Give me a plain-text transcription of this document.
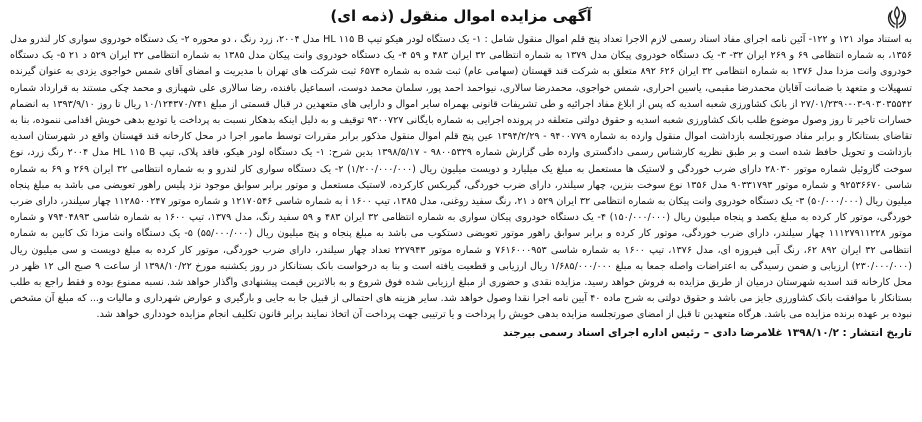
آگهی مزایده اموال منقول (ذمه ای)

به استناد مواد ۱۲۱ و ۱۲۲- آئین نامه اجرای مفاد اسناد رسمی لازم الاجرا تعداد پنج قلم اموال منقول شامل : ۱- یک دستگاه لودر هیکو تیپ HL ۱۱۵ B مدل ۲۰۰۴، زرد رنگ ، دو محوره ۲- یک دستگاه خودروی سواری کار لندرو مدل ۱۳۵۶، به شماره انتظامی ۶۹ و ۲۶۹ ایران ۳۲- ۳- یک دستگاه خودروی پیکان مدل ۱۳۷۹ به شماره انتظامی ۳۲ ایران ۴۸۳ و ۵۹ ۴- یک دستگاه خودروی وانت پیکان مدل ۱۳۸۵ به شماره انتظامی ۳۲ ایران ۵۲۹ د ۲۱ ۵- یک دستگاه خودروی وانت مزدا مدل ۱۳۷۶ به شماره انتظامی ۳۲ ایران ۶۲۶ ۸۹۲ متعلق به شرکت قند قهستان (سهامی عام) ثبت شده به شماره ۶۵۷۴ ثبت شرکت های تهران با مدیریت و امضای آقای شمس خواجوی یزدی به عنوان گیرنده تسهیلات و متعهد با ضمانت آقایان محمدرضا مقیمی، یاسین احراری، شمس خواجوی، محمدرضا سالاری، نیواحمد احمد پور، سلمان محمد دوست، اسماعیل بافنده، رضا سالاری علی شهبازی و محمد چکی مستند به قرارداد شماره ۹۰۳۰۳۵۵۴۲-۰۳-۲۷/۰۱/۲۳۹۰ از بانک کشاورزی شعبه اسدیه که پس از ابلاغ مفاد اجرائیه و طی تشریفات قانونی بهمراه سایر اموال و دارایی های متعهدین در قبال قسمتی از مبلغ ۱۰/۱۲۴۳۷۰/۷۴۱ ریال تا روز ۱۳۹۳/۹/۱۰ به انضمام خسارات تاخیر تا روز وصول موضوع طلب بانک کشاورزی شعبه اسدیه و حقوق دولتی متعلقه در پرونده اجرایی به شماره بایگانی ۹۳۰۰۷۲۷ توقیف و به دلیل اینکه بدهکار نسبت به پرداخت یا تودیع بدهی خویش اقدامی ننموده، بنا به تقاضای بستانکار و برابر مفاد صورتجلسه بازداشت اموال منقول وارده به شماره ۹۴۰۰۷۷۹ - ۱۳۹۴/۲/۲۹ عین پنج قلم اموال منقول مذکور برابر مقررات توسط مامور اجرا در محل کارخانه قند قهستان واقع در شهرستان اسدیه بازداشت و تحویل حافظ شده است و بر طبق نظریه کارشناس رسمی دادگستری وارده طی گزارش شماره ۹۸۰۰۵۳۲۹ - ۱۳۹۸/۵/۱۷ بدین شرح: ۱- یک دستگاه لودر هیکو، فاقد پلاک، تیپ HL ۱۱۵ B مدل ۲۰۰۴ رنگ زرد، نوع سوخت گازوئیل شماره موتور ۲۸۰۳۰ دارای ضرب خوردگی و لاستیک ها مستعمل به مبلغ یک میلیارد و دویست میلیون ریال (۱/۲۰۰/۰۰۰/۰۰۰) ۲- یک دستگاه سواری کار لندرو و به شماره انتظامی ۳۲ ایران ۲۶۹ و ۶۹ به شماره شاسی ۹۲۵۳۶۶۷۰ و شماره موتور ۹۰۳۳۱۷۹۳ مدل ۱۳۵۶ نوع سوخت بنزین، چهار سیلندر، دارای ضرب خوردگی، گیربکس کارکرده، لاستیک مستعمل و موتور برابر سوابق موجود نزد پلیس راهور تعویضی می باشد به مبلغ پنجاه میلیون ریال (۵۰/۰۰۰/۰۰۰) ۳- یک دستگاه خودروی وانت پیکان به شماره انتظامی ۳۲ ایران ۵۲۹ د ۲۱، رنگ سفید روغنی، مدل ۱۳۸۵، تیپ ۱۶۰۰ i به شماره شاسی ۱۲۱۷۰۵۴۶ و شماره موتور ۱۱۲۸۵۰۰۲۴۷ چهار سیلندر، دارای ضرب خوردگی، موتور کار کرده به مبلغ یکصد و پنجاه میلیون ریال (۱۵۰/۰۰۰/۰۰۰) ۴- یک دستگاه خودروی پیکان سواری به شماره انتظامی ۳۲ ایران ۴۸۳ و ۵۹ سفید رنگ، مدل ۱۳۷۹، تیپ ۱۶۰۰ به شماره شاسی ۷۹۴۰۴۸۹۳ و شماره موتور ۱۱۱۲۷۹۱۱۲۲۸ چهار سیلندر، دارای ضرب خوردگی، موتور کار کرده و برابر سوابق راهور موتور تعویضی دستکوب می باشد به مبلغ پنجاه و پنج میلیون ریال (۵۵/۰۰۰/۰۰۰) ۵- یک دستگاه وانت مزدا تک کابین به شماره انتظامی ۳۲ ایران ۸۹۲ ۶۲، رنگ آبی فیروزه ای، مدل ۱۳۷۶، تیپ ۱۶۰۰ به شماره شاسی ۷۶۱۶۰۰۰۹۵۳ و شماره موتور ۲۲۷۹۴۳ تعداد چهار سیلندر، دارای ضرب خوردگی، موتور کار کرده به مبلغ دویست و سی میلیون ریال (۲۳۰/۰۰۰/۰۰۰) ارزیابی و ضمن رسیدگی به اعتراضات واصله جمعا به مبلغ ۱/۶۸۵/۰۰۰/۰۰۰ ریال ارزیابی و قطعیت یافته است و بنا به درخواست بانک بستانکار در روز یکشنبه مورخ ۱۳۹۸/۱۰/۲۲ از ساعت ۹ صبح الی ۱۲ ظهر در محل کارخانه قند اسدیه شهرستان درمیان از طریق مزایده به فروش خواهد رسید. مزایده نقدی و حضوری از مبلغ ارزیابی شده فوق شروع و به بالاترین قیمت پیشنهادی واگذار خواهد شد. نسبه ممنوع بوده و فقط راجع به طلب بستانکار با موافقت بانک کشاورزی جایز می باشد و حقوق دولتی به شرح ماده ۴۰ آیین نامه اجرا نقدا وصول خواهد شد. سایر هزینه های احتمالی از قبیل جا به جایی و بارگیری و عوارض شهرداری و مالیات و... که مبلغ آن مشخص نبوده بر عهده برنده مزایده می باشد. هرگاه متعهدین تا قبل از امضای صورتجلسه مزایده بدهی خویش را پرداخت و یا ترتیبی جهت پرداخت آن اتخاذ نمایند برابر قانون تکلیف انجام مزایده خودداری خواهد شد.

تاریخ انتشار : ۱۳۹۸/۱۰/۲ غلامرضا دادی – رئیس اداره اجرای اسناد رسمی بیرجند
